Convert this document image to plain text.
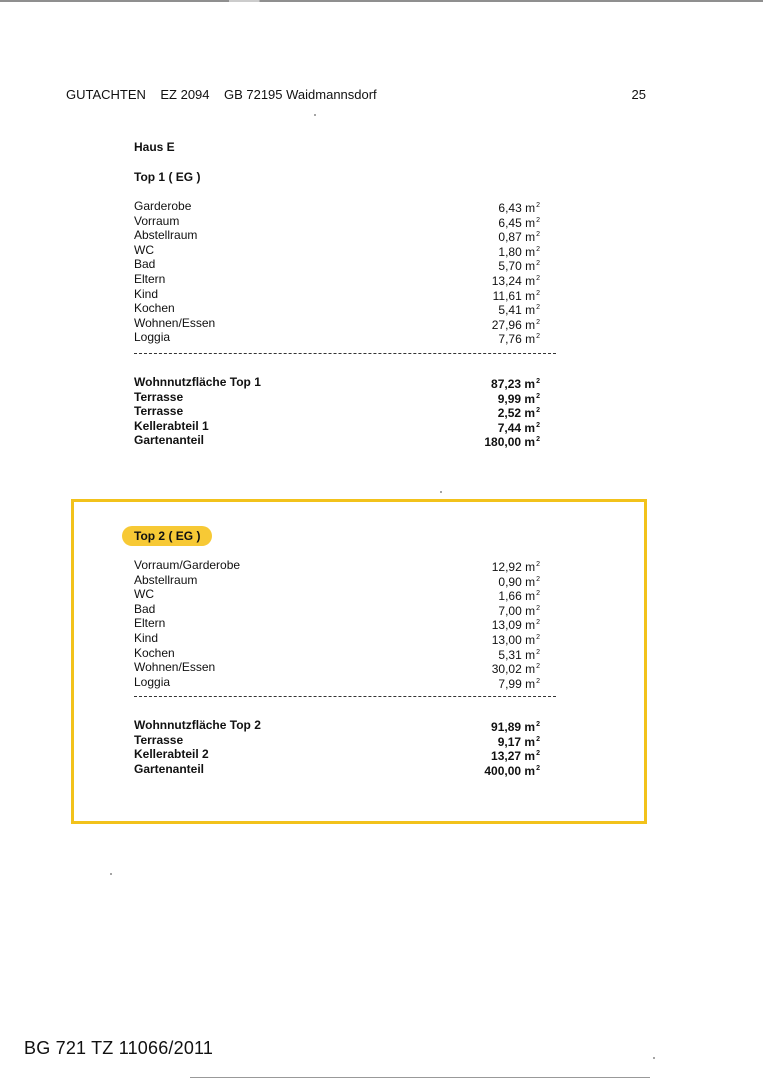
GUTACHTEN    EZ 2094    GB 72195 Waidmannsdorf	25
Haus E
Top 1 ( EG )
Garderobe	6,43 $m^2$
Vorraum	6,45 $m^2$
Abstellraum	0,87 $m^2$
WC	1,80 $m^2$
Bad	5,70 $m^2$
Eltern	13,24 $m^2$
Kind	11,61 $m^2$
Kochen	5,41 $m^2$
Wohnen/Essen	27,96 $m^2$
Loggia	7,76 $m^2$
Wohnnutzfläche Top 1	87,23 $m^2$
Terrasse	9,99 $m^2$
Terrasse	2,52 $m^2$
Kellerabteil 1	7,44 $m^2$
Gartenanteil	180,00 $m^2$
Top 2 ( EG )
Vorraum/Garderobe	12,92 $m^2$
Abstellraum	0,90 $m^2$
WC	1,66 $m^2$
Bad	7,00 $m^2$
Eltern	13,09 $m^2$
Kind	13,00 $m^2$
Kochen	5,31 $m^2$
Wohnen/Essen	30,02 $m^2$
Loggia	7,99 $m^2$
Wohnnutzfläche Top 2	91,89 $m^2$
Terrasse	9,17 $m^2$
Kellerabteil 2	13,27 $m^2$
Gartenanteil	400,00 $m^2$
BG 721 TZ 11066/2011
